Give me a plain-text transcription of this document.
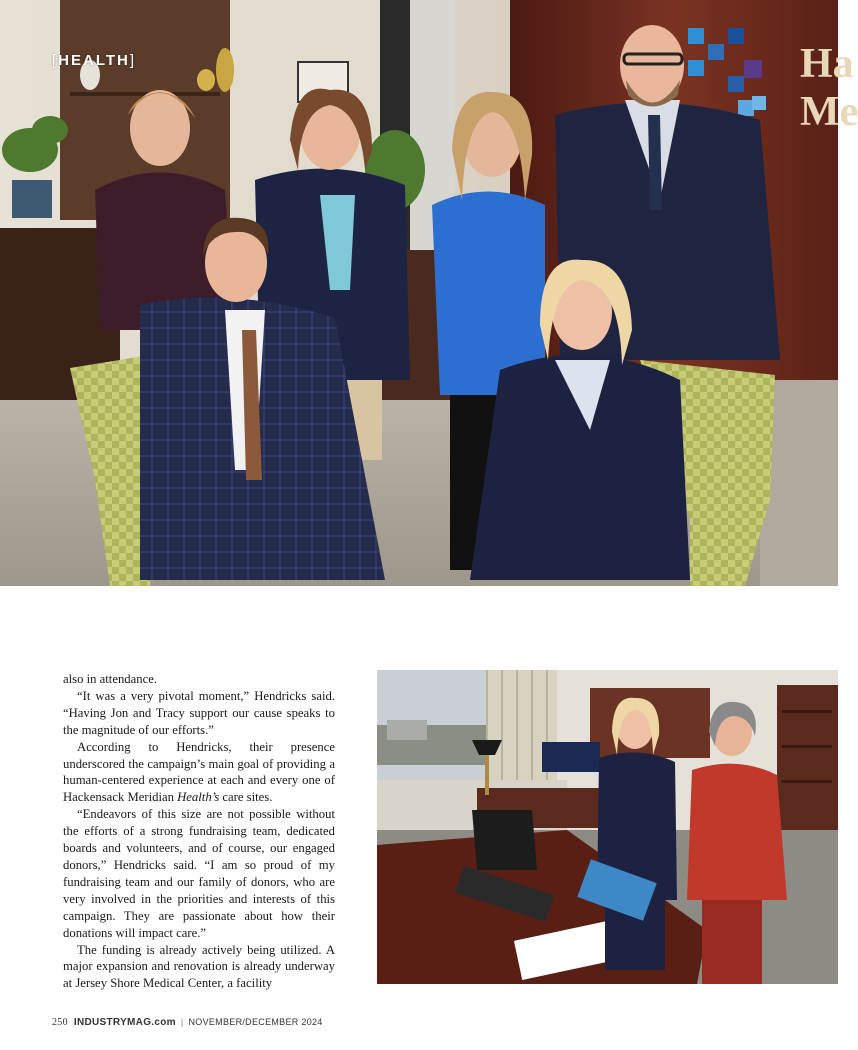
[HEALTH]	Ha
Me

also in attendance.

“It was a very pivotal moment,” Hendricks said. “Having Jon and Tracy support our cause speaks to the magnitude of our efforts.”

According to Hendricks, their presence underscored the campaign’s main goal of providing a human-centered experience at each and every one of Hackensack Meridian Health’s care sites.

“Endeavors of this size are not possible without the efforts of a strong fundraising team, dedicated boards and volunteers, and of course, our engaged donors,” Hendricks said. “I am so proud of my fundraising team and our family of donors, who are very involved in the priorities and interests of this campaign. They are passionate about how their donations will impact care.”

The funding is already actively being utilized. A major expansion and renovation is already underway at Jersey Shore Medical Center, a facility

250 INDUSTRYMAG.com | NOVEMBER/DECEMBER 2024
